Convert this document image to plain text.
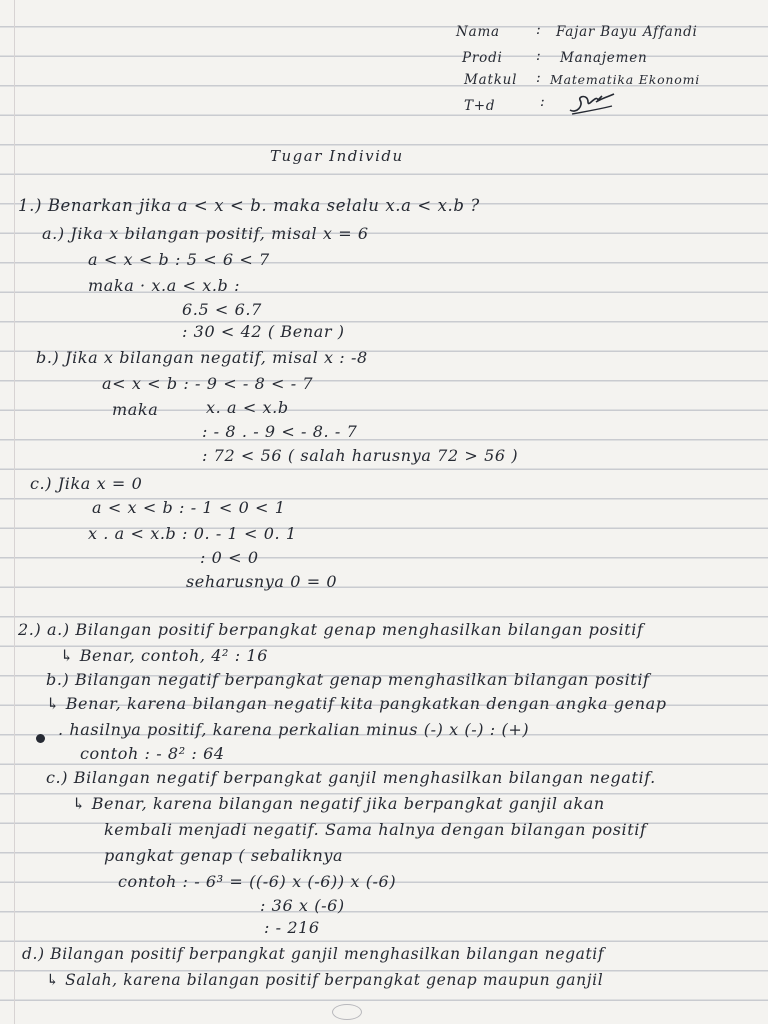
Nama	: Fajar Bayu Affandi
Prodi : Manajemen
Matkul : Matematika Ekonomi
T+d	:
Tugar Individu
1.) Benarkan jika a < x < b. maka selalu x.a < x.b ?
a.) Jika x bilangan positif, misal x = 6
a < x < b : 5 < 6 < 7
maka · x.a < x.b :
6.5 < 6.7
: 30 < 42 ( Benar )
b.) Jika x bilangan negatif, misal x : -8
a< x < b : - 9 < - 8 < - 7
maka	x. a < x.b
: - 8 . - 9 < - 8. - 7
: 72 < 56 ( salah harusnya 72 > 56 )
c.) Jika x = 0
a < x < b : - 1 < 0 < 1
x . a < x.b : 0. - 1 < 0. 1
: 0 < 0
seharusnya 0 = 0
2.) a.) Bilangan positif berpangkat genap menghasilkan bilangan positif
↳ Benar, contoh, 4² : 16
b.) Bilangan negatif berpangkat genap menghasilkan bilangan positif
↳ Benar, karena bilangan negatif kita pangkatkan dengan angka genap
. hasilnya positif, karena perkalian minus (-) x (-) : (+)
contoh : - 8² : 64
c.) Bilangan negatif berpangkat ganjil menghasilkan bilangan negatif.
↳ Benar, karena bilangan negatif jika berpangkat ganjil akan
kembali menjadi negatif. Sama halnya dengan bilangan positif
pangkat genap ( sebaliknya
contoh : - 6³ = ((-6) x (-6)) x (-6)
: 36 x (-6)
: - 216
d.) Bilangan positif berpangkat ganjil menghasilkan bilangan negatif
↳ Salah, karena bilangan positif berpangkat genap maupun ganjil
